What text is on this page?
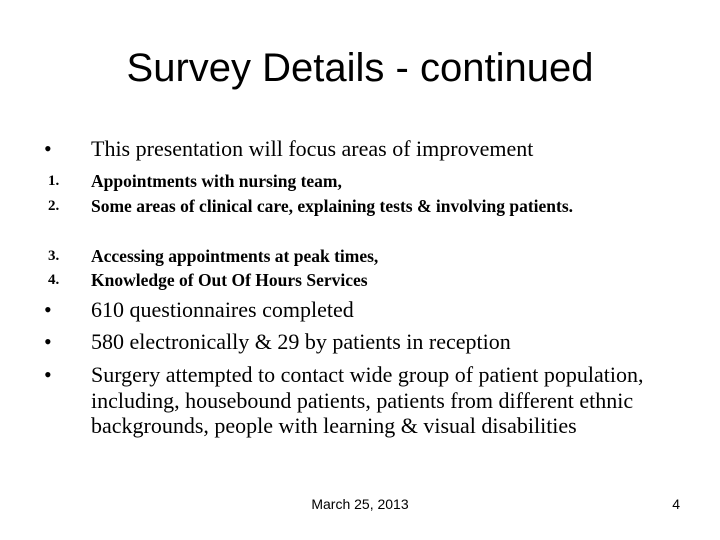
Survey Details - continued
•	This presentation will focus areas of improvement
1.	Appointments with nursing team,
2.	Some areas of clinical care, explaining tests & involving patients.
3.	Accessing appointments at peak times,
4.	Knowledge of Out Of Hours Services
•	610 questionnaires completed
•	580 electronically & 29 by patients in reception
•	Surgery attempted to contact wide group of patient population, including, housebound patients, patients from different ethnic backgrounds, people with learning & visual disabilities
March 25, 2013	4
